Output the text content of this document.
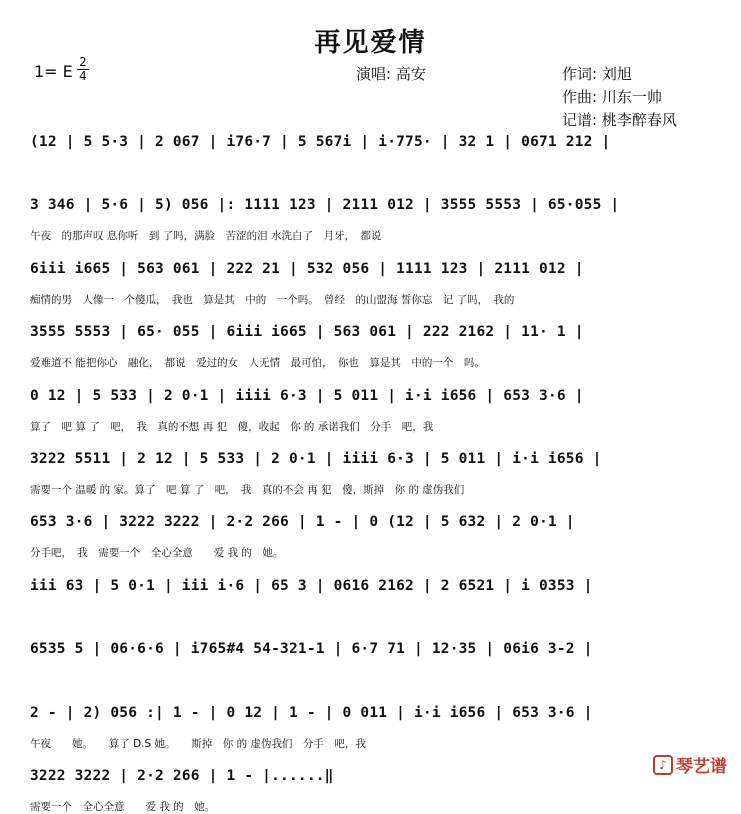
再见爱情
1= E $\frac{2}{4}$	演唱: 高安	作词: 刘旭
作曲: 川东一帅
记谱: 桃李醉春风
(12 | 5 5·3 | 2 067 | i76·7 | 5 567i | i·775· | 32 1 | 0671 212 |
3 346 | 5·6 | 5) 056 |: 1111 123 | 2111 012 | 3555 5553 | 65·055 |
午夜　的那声叹 息你听　到 了吗，满脸　苦涩的泪 水洗白了　月牙，　都说
6iii i665 | 563 061 | 222 21 | 532 056 | 1111 123 | 2111 012 |
痴情的男　人像一　个傻瓜，　我也　算是其　中的　一个吗。　曾经　的山盟海 誓你忘　记 了吗，　我的
3555 5553 | 65· 055 | 6iii i665 | 563 061 | 222 2162 | 11· 1 |
爱难道不 能把你心　融化，　都说　爱过的女　人无情　最可怕，　你也　算是其　中的一个　吗。
0 12 | 5 533 | 2 0·1 | iiii 6·3 | 5 011 | i·i i656 | 653 3·6 |
算了　吧 算 了　吧，　我　真的不想 再 犯　傻，收起　你 的 承诺我们　分手　吧，我
3222 5511 | 2 12 | 5 533 | 2 0·1 | iiii 6·3 | 5 011 | i·i i656 |
需要一个 温暖 的 家。算了　吧 算 了　吧，　我　真的不会 再 犯　傻，斯掉　你 的 虚伪我们
653 3·6 | 3222 3222 | 2·2 266 | 1 - | 0 (12 | 5 632 | 2 0·1 |
分手吧，　我　需要一个　全心全意　　爱 我 的　她。
iii 63 | 5 0·1 | iii i·6 | 65 3 | 0616 2162 | 2 6521 | i 0353 |
6535 5 | 06·6·6 | i765#4 54-321-1 | 6·7 71 | 12·35 | 06i6 3-2 |
2 - | 2) 056 :| 1 - | 0 12 | 1 - | 0 011 | i·i i656 | 653 3·6 |
午夜　　她。　　算了 D.S 她。　　斯掉　你 的 虚伪我们　分手　吧，我
3222 3222 | 2·2 266 | 1 - |......‖
需要一个　全心全意　　爱 我 的　她。
♪ 琴艺谱
